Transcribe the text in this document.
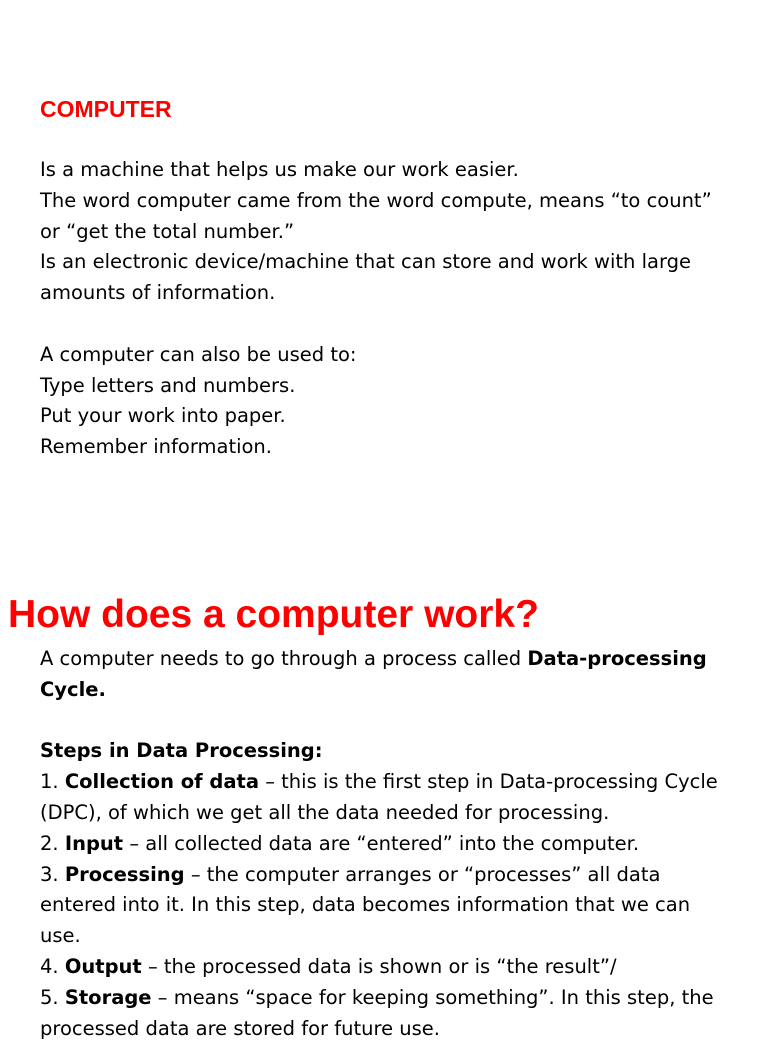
COMPUTER
Is a machine that helps us make our work easier.
The word computer came from the word compute, means “to count”
or “get the total number.”
Is an electronic device/machine that can store and work with large
amounts of information.
A computer can also be used to:
Type letters and numbers.
Put your work into paper.
Remember information.
How does a computer work?
A computer needs to go through a process called Data-processing
Cycle.
Steps in Data Processing:
1. Collection of data – this is the first step in Data-processing Cycle
(DPC), of which we get all the data needed for processing.
2. Input – all collected data are “entered” into the computer.
3. Processing – the computer arranges or “processes” all data
entered into it. In this step, data becomes information that we can
use.
4. Output – the processed data is shown or is “the result”/
5. Storage – means “space for keeping something”. In this step, the
processed data are stored for future use.
